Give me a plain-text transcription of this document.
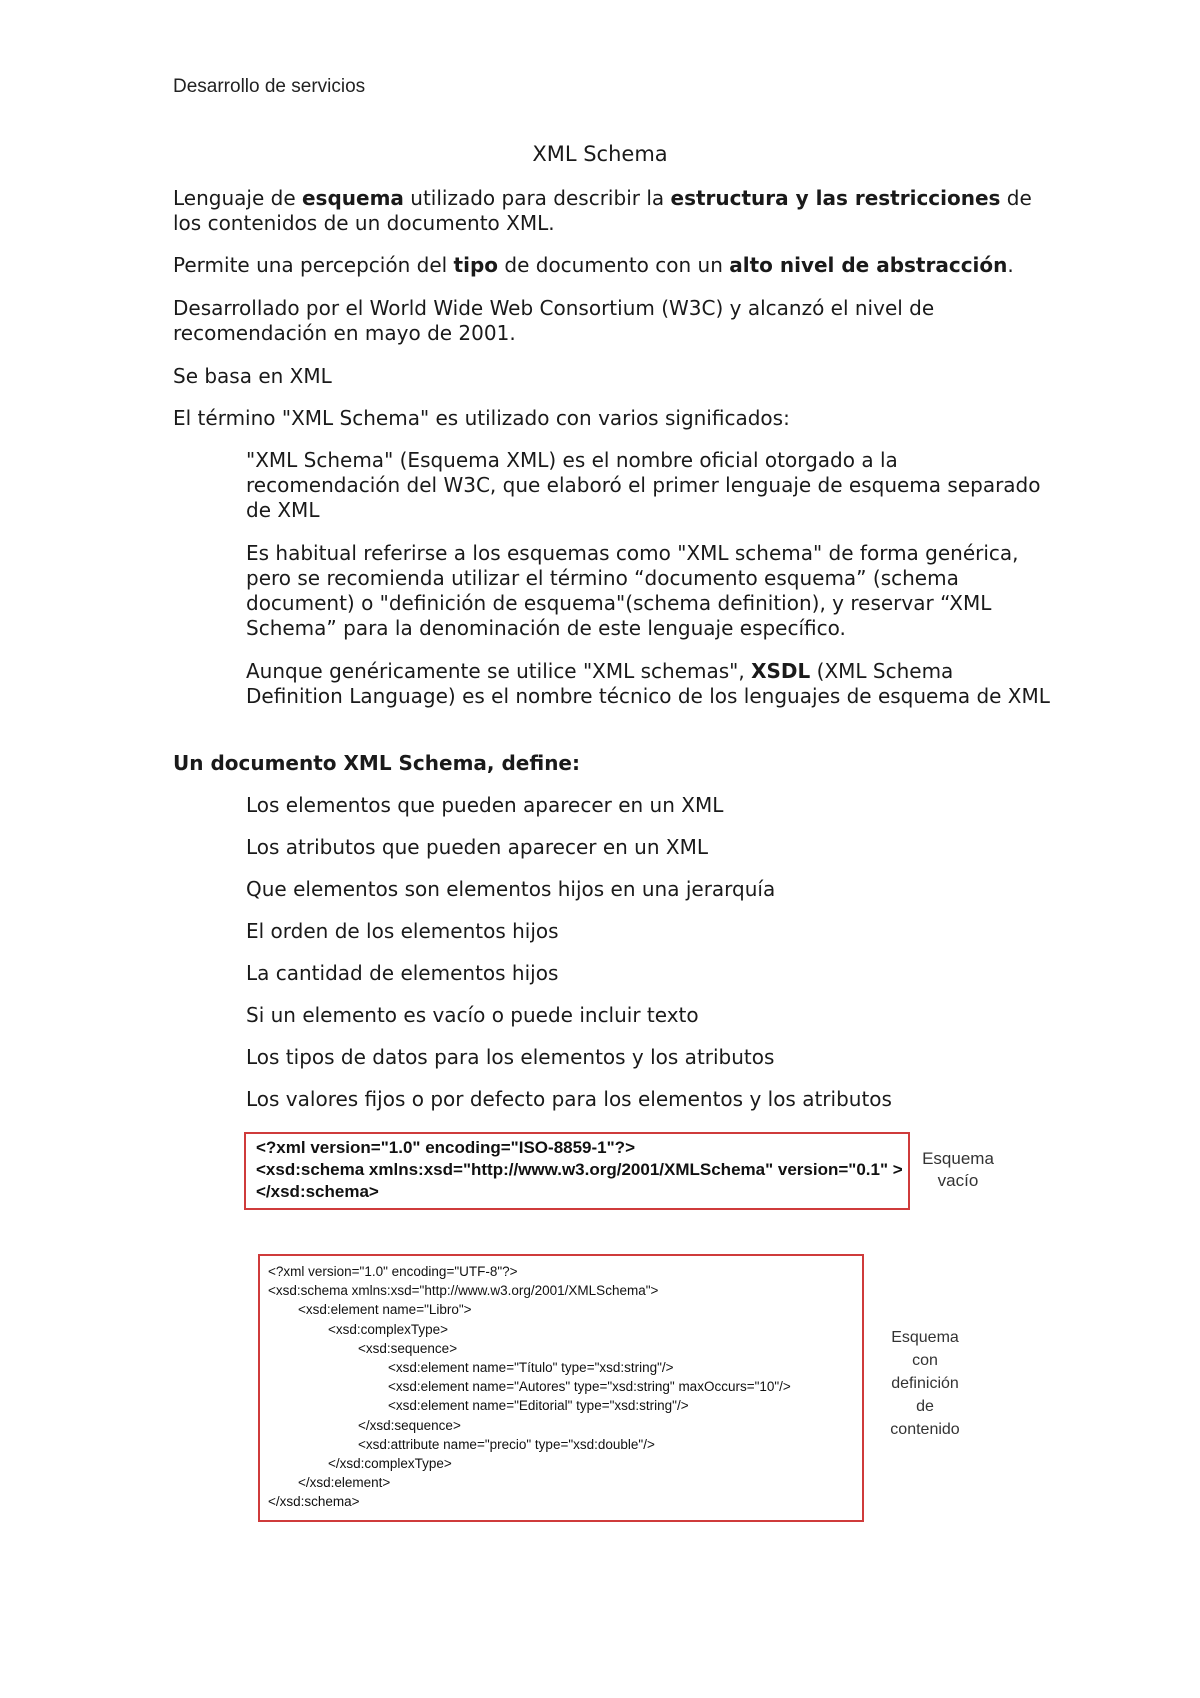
Desarrollo de servicios
XML Schema

Lenguaje de esquema utilizado para describir la estructura y las restricciones de los contenidos de un documento XML.

Permite una percepción del tipo de documento con un alto nivel de abstracción.

Desarrollado por el World Wide Web Consortium (W3C) y alcanzó el nivel de recomendación en mayo de 2001.

Se basa en XML

El término "XML Schema" es utilizado con varios significados:

"XML Schema" (Esquema XML) es el nombre oficial otorgado a la recomendación del W3C, que elaboró el primer lenguaje de esquema separado de XML

Es habitual referirse a los esquemas como "XML schema" de forma genérica, pero se recomienda utilizar el término “documento esquema” (schema document) o "definición de esquema"(schema definition), y reservar “XML Schema” para la denominación de este lenguaje específico.

Aunque genéricamente se utilice "XML schemas", XSDL (XML Schema Definition Language) es el nombre técnico de los lenguajes de esquema de XML

Un documento XML Schema, define:

Los elementos que pueden aparecer en un XML

Los atributos que pueden aparecer en un XML

Que elementos son elementos hijos en una jerarquía

El orden de los elementos hijos

La cantidad de elementos hijos

Si un elemento es vacío o puede incluir texto

Los tipos de datos para los elementos y los atributos

Los valores fijos o por defecto para los elementos y los atributos

<?xml version="1.0" encoding="ISO-8859-1"?>
<xsd:schema xmlns:xsd="http://www.w3.org/2001/XMLSchema" version="0.1" >
</xsd:schema>
Esquema
vacío
<?xml version="1.0" encoding="UTF-8"?>
<xsd:schema xmlns:xsd="http://www.w3.org/2001/XMLSchema">
<xsd:element name="Libro">
<xsd:complexType>
<xsd:sequence>
<xsd:element name="Título" type="xsd:string"/>
<xsd:element name="Autores" type="xsd:string" maxOccurs="10"/>
<xsd:element name="Editorial" type="xsd:string"/>
</xsd:sequence>
<xsd:attribute name="precio" type="xsd:double"/>
</xsd:complexType>
</xsd:element>
</xsd:schema>
Esquema
con
definición
de
contenido
